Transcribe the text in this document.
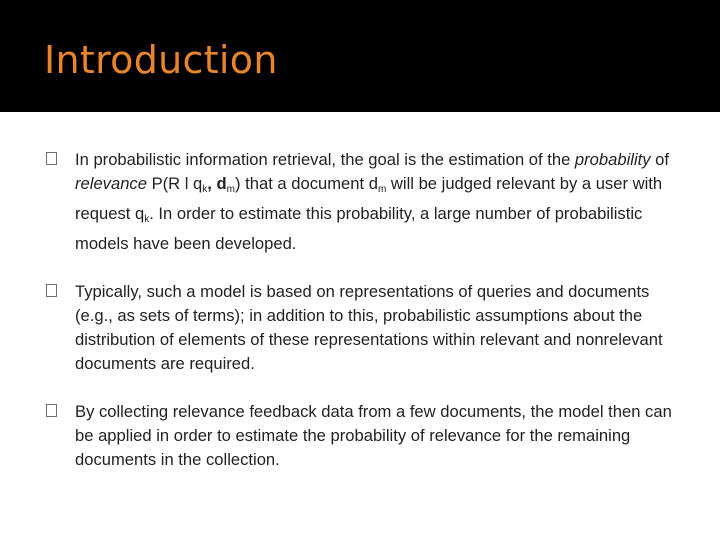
Introduction
In probabilistic information retrieval, the goal is the estimation of the probability of relevance P(R l $q_k$, $d_m$) that a document $d_m$ will be judged relevant by a user with request $q_k$. In order to estimate this probability, a large number of probabilistic models have been developed.
Typically, such a model is based on representations of queries and documents (e.g., as sets of terms); in addition to this, probabilistic assumptions about the distribution of elements of these representations within relevant and nonrelevant documents are required.
By collecting relevance feedback data from a few documents, the model then can be applied in order to estimate the probability of relevance for the remaining documents in the collection.
